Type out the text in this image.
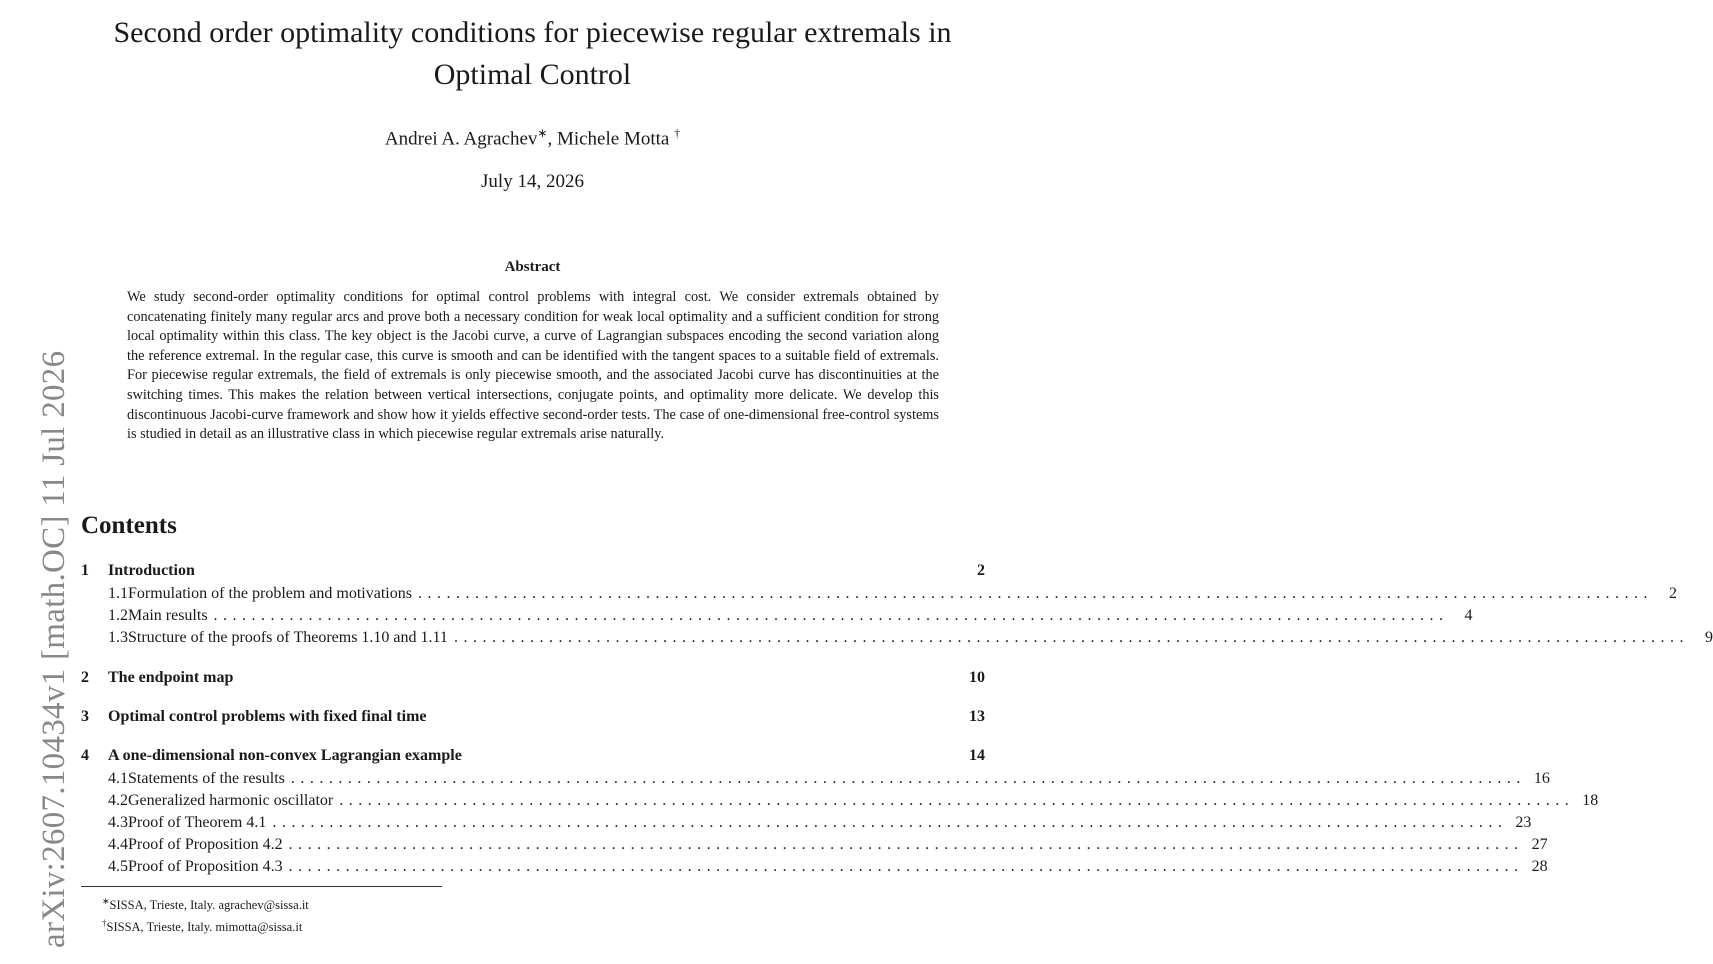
arXiv:2607.10434v1 [math.OC] 11 Jul 2026
Second order optimality conditions for piecewise regular extremals in Optimal Control
Andrei A. Agrachev∗, Michele Motta †
July 14, 2026
Abstract

We study second-order optimality conditions for optimal control problems with integral cost. We consider extremals obtained by concatenating finitely many regular arcs and prove both a necessary condition for weak local optimality and a sufficient condition for strong local optimality within this class. The key object is the Jacobi curve, a curve of Lagrangian subspaces encoding the second variation along the reference extremal. In the regular case, this curve is smooth and can be identified with the tangent spaces to a suitable field of extremals. For piecewise regular extremals, the field of extremals is only piecewise smooth, and the associated Jacobi curve has discontinuities at the switching times. This makes the relation between vertical intersections, conjugate points, and optimality more delicate. We develop this discontinuous Jacobi-curve framework and show how it yields effective second-order tests. The case of one-dimensional free-control systems is studied in detail as an illustrative class in which piecewise regular extremals arise naturally.

Contents
1	Introduction	2
1.1 Formulation of the problem and motivations ..................................................................................................................................	2
1.2 Main results ..................................................................................................................................	4
1.3 Structure of the proofs of Theorems 1.10 and 1.11 ..................................................................................................................................	9
2	The endpoint map	10
3	Optimal control problems with fixed final time	13
4	A one-dimensional non-convex Lagrangian example	14
4.1 Statements of the results .................................................................................................................................. 16
4.2 Generalized harmonic oscillator .................................................................................................................................. 18
4.3 Proof of Theorem 4.1 .................................................................................................................................. 23
4.4 Proof of Proposition 4.2 .................................................................................................................................. 27
4.5 Proof of Proposition 4.3 .................................................................................................................................. 28
∗SISSA, Trieste, Italy. agrachev@sissa.it
†SISSA, Trieste, Italy. mimotta@sissa.it
